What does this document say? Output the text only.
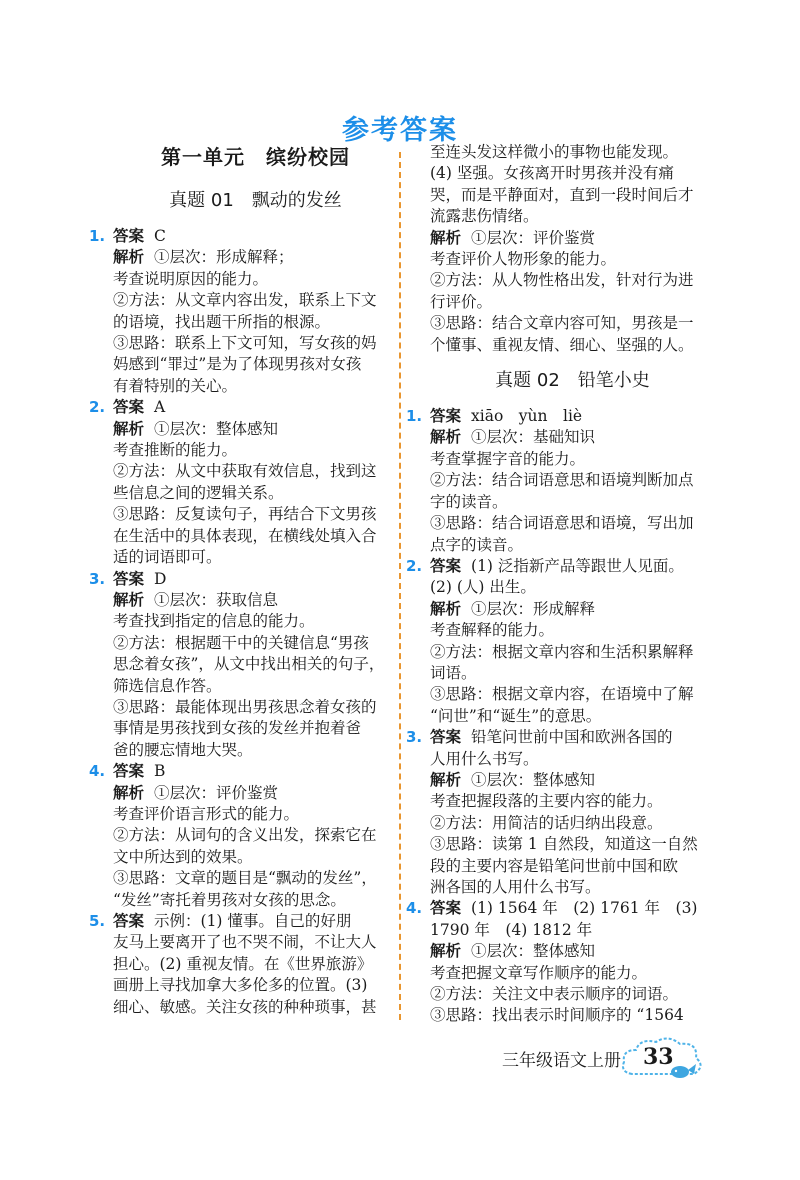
参考答案
第一单元　缤纷校园
真题 01　飘动的发丝
1. 答案 C
解析 ①层次：形成解释；
考查说明原因的能力。
②方法：从文章内容出发，联系上下文
的语境，找出题干所指的根源。
③思路：联系上下文可知，写女孩的妈
妈感到“罪过”是为了体现男孩对女孩
有着特别的关心。
2. 答案 A
解析 ①层次：整体感知
考查推断的能力。
②方法：从文中获取有效信息，找到这
些信息之间的逻辑关系。
③思路：反复读句子，再结合下文男孩
在生活中的具体表现，在横线处填入合
适的词语即可。
3. 答案 D
解析 ①层次：获取信息
考查找到指定的信息的能力。
②方法：根据题干中的关键信息“男孩
思念着女孩”，从文中找出相关的句子，
筛选信息作答。
③思路：最能体现出男孩思念着女孩的
事情是男孩找到女孩的发丝并抱着爸
爸的腰忘情地大哭。
4. 答案 B
解析 ①层次：评价鉴赏
考查评价语言形式的能力。
②方法：从词句的含义出发，探索它在
文中所达到的效果。
③思路：文章的题目是“飘动的发丝”，
“发丝”寄托着男孩对女孩的思念。
5. 答案 示例：(1) 懂事。自己的好朋
友马上要离开了也不哭不闹，不让大人
担心。(2) 重视友情。在《世界旅游》
画册上寻找加拿大多伦多的位置。(3)
细心、敏感。关注女孩的种种琐事，甚
至连头发这样微小的事物也能发现。
(4) 坚强。女孩离开时男孩并没有痛
哭，而是平静面对，直到一段时间后才
流露悲伤情绪。
解析 ①层次：评价鉴赏
考查评价人物形象的能力。
②方法：从人物性格出发，针对行为进
行评价。
③思路：结合文章内容可知，男孩是一
个懂事、重视友情、细心、坚强的人。
真题 02　铅笔小史
1. 答案 xiāo　yùn　liè
解析 ①层次：基础知识
考查掌握字音的能力。
②方法：结合词语意思和语境判断加点
字的读音。
③思路：结合词语意思和语境，写出加
点字的读音。
2. 答案 (1) 泛指新产品等跟世人见面。
(2) (人) 出生。
解析 ①层次：形成解释
考查解释的能力。
②方法：根据文章内容和生活积累解释
词语。
③思路：根据文章内容，在语境中了解
“问世”和“诞生”的意思。
3. 答案 铅笔问世前中国和欧洲各国的
人用什么书写。
解析 ①层次：整体感知
考查把握段落的主要内容的能力。
②方法：用简洁的话归纳出段意。
③思路：读第 1 自然段，知道这一自然
段的主要内容是铅笔问世前中国和欧
洲各国的人用什么书写。
4. 答案 (1) 1564 年　(2) 1761 年　(3)
1790 年　(4) 1812 年
解析 ①层次：整体感知
考查把握文章写作顺序的能力。
②方法：关注文中表示顺序的词语。
③思路：找出表示时间顺序的 “1564
三年级语文上册 33
